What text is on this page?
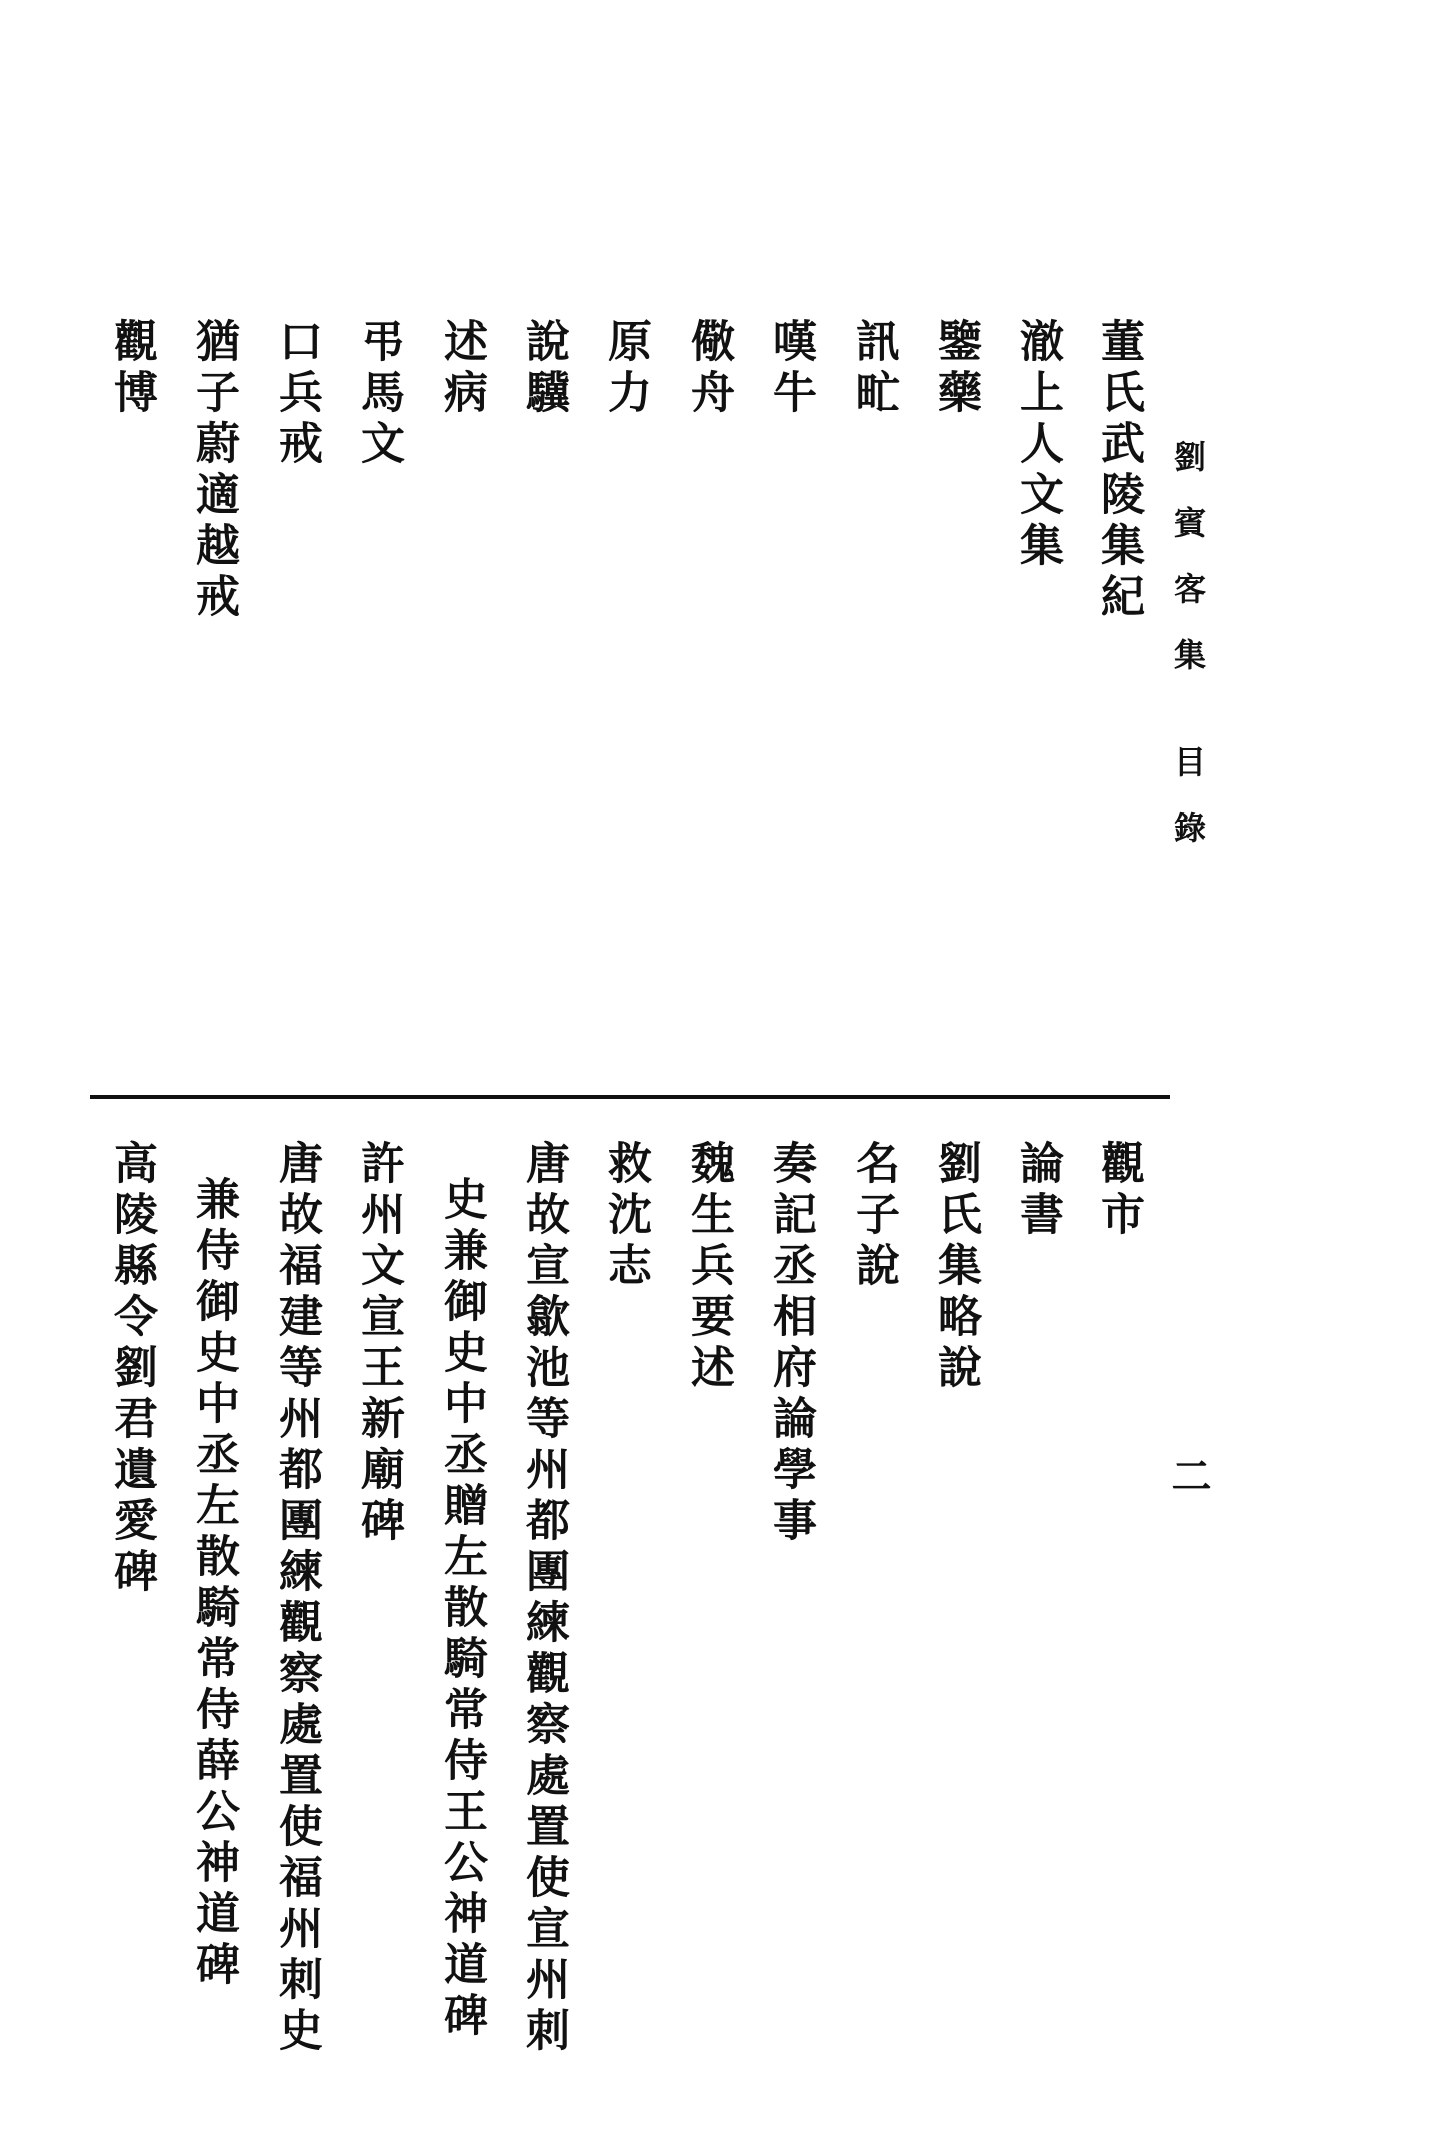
劉賓客集
目錄
二
董氏武陵集紀
澈上人文集
鑒藥
訊甿
嘆牛
儆舟
原力
說驥
述病
弔馬文
口兵戒
猶子蔚適越戒
觀博
觀市
論書
劉氏集略說
名子說
奏記丞相府論學事
魏生兵要述
救沈志
唐故宣歙池等州都團練觀察處置使宣州刺
史兼御史中丞贈左散騎常侍王公神道碑
許州文宣王新廟碑
唐故福建等州都團練觀察處置使福州刺史
兼侍御史中丞左散騎常侍薛公神道碑
高陵縣令劉君遺愛碑
